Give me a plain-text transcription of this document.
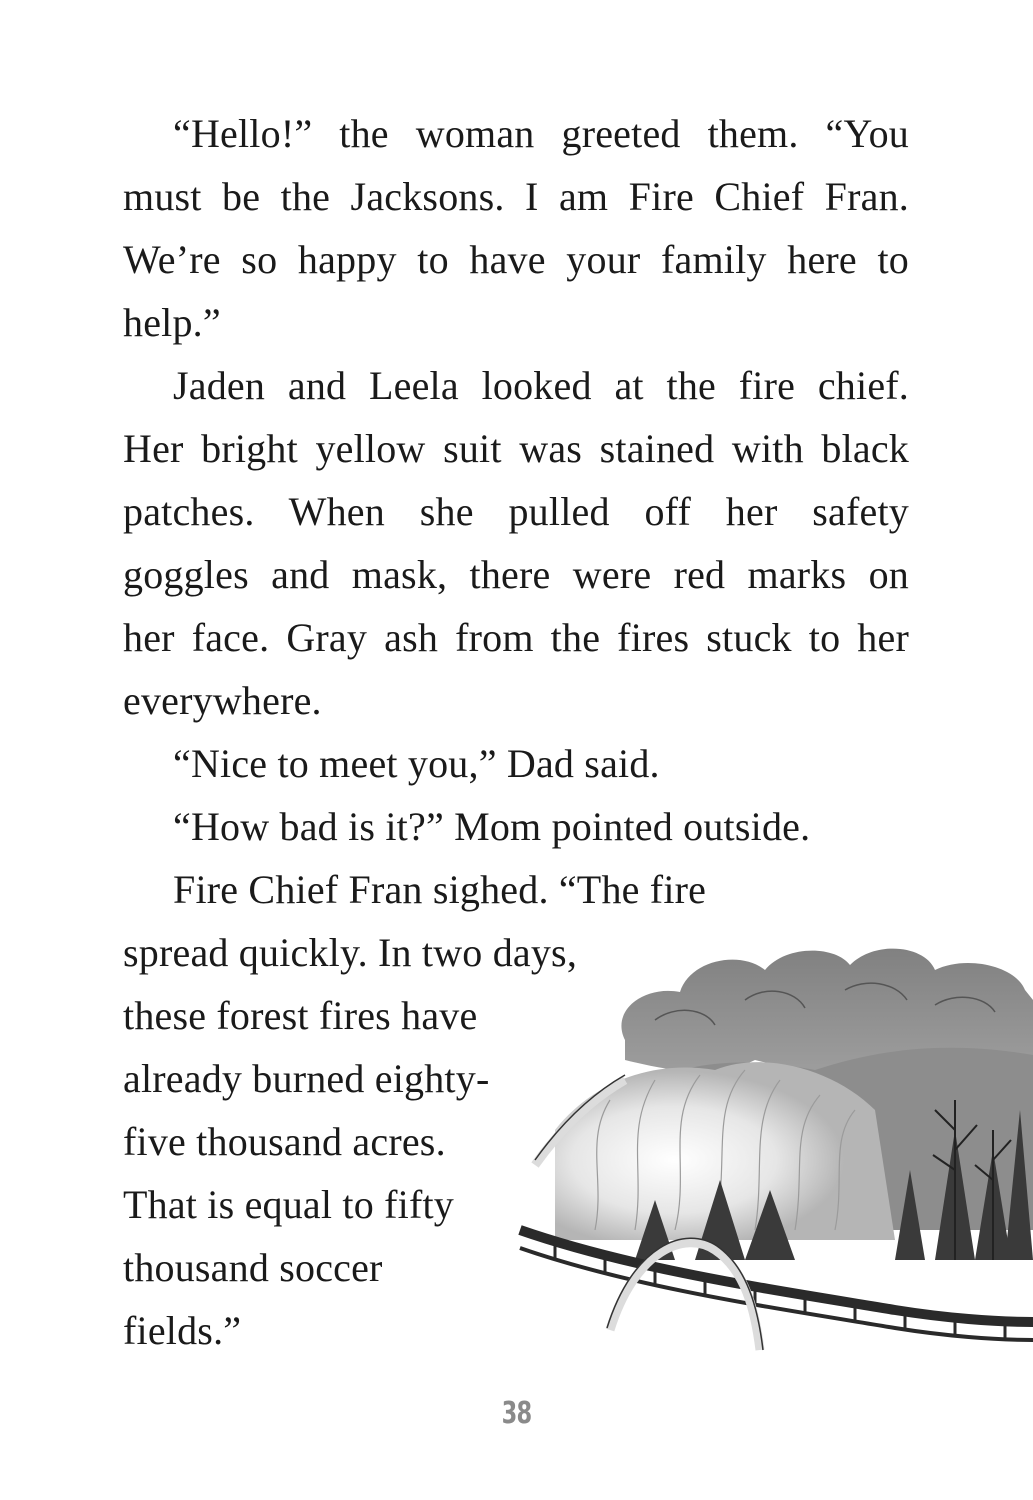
“Hello!” the woman greeted them. “You
must be the Jacksons. I am Fire Chief Fran.
We’re so happy to have your family here to
help.”
Jaden and Leela looked at the fire chief.
Her bright yellow suit was stained with black
patches. When she pulled off her safety
goggles and mask, there were red marks on
her face. Gray ash from the fires stuck to her
everywhere.
“Nice to meet you,” Dad said.
“How bad is it?” Mom pointed outside.
Fire Chief Fran sighed. “The fire
spread quickly. In two days,
these forest fires have
already burned eighty-
five thousand acres.
That is equal to fifty
thousand soccer
fields.”
38
